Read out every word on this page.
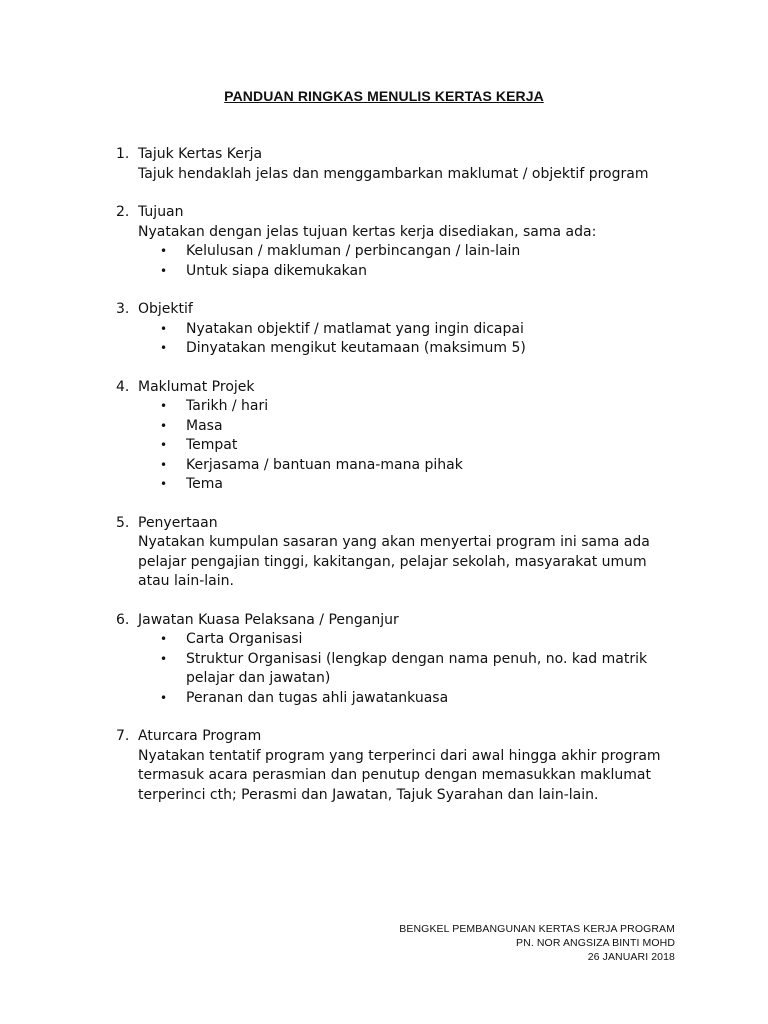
PANDUAN RINGKAS MENULIS KERTAS KERJA
1. Tajuk Kertas Kerja
Tajuk hendaklah jelas dan menggambarkan maklumat / objektif program
2. Tujuan
Nyatakan dengan jelas tujuan kertas kerja disediakan, sama ada:
• Kelulusan / makluman / perbincangan / lain-lain
• Untuk siapa dikemukakan
3. Objektif
• Nyatakan objektif / matlamat yang ingin dicapai
• Dinyatakan mengikut keutamaan (maksimum 5)
4. Maklumat Projek
• Tarikh / hari
• Masa
• Tempat
• Kerjasama / bantuan mana-mana pihak
• Tema
5. Penyertaan
Nyatakan kumpulan sasaran yang akan menyertai program ini sama ada pelajar pengajian tinggi, kakitangan, pelajar sekolah, masyarakat umum atau lain-lain.
6. Jawatan Kuasa Pelaksana / Penganjur
• Carta Organisasi
• Struktur Organisasi (lengkap dengan nama penuh, no. kad matrik pelajar dan jawatan)
• Peranan dan tugas ahli jawatankuasa
7. Aturcara Program
Nyatakan tentatif program yang terperinci dari awal hingga akhir program termasuk acara perasmian dan penutup dengan memasukkan maklumat terperinci cth; Perasmi dan Jawatan, Tajuk Syarahan dan lain-lain.
BENGKEL PEMBANGUNAN KERTAS KERJA PROGRAM
PN. NOR ANGSIZA BINTI MOHD
26 JANUARI 2018
